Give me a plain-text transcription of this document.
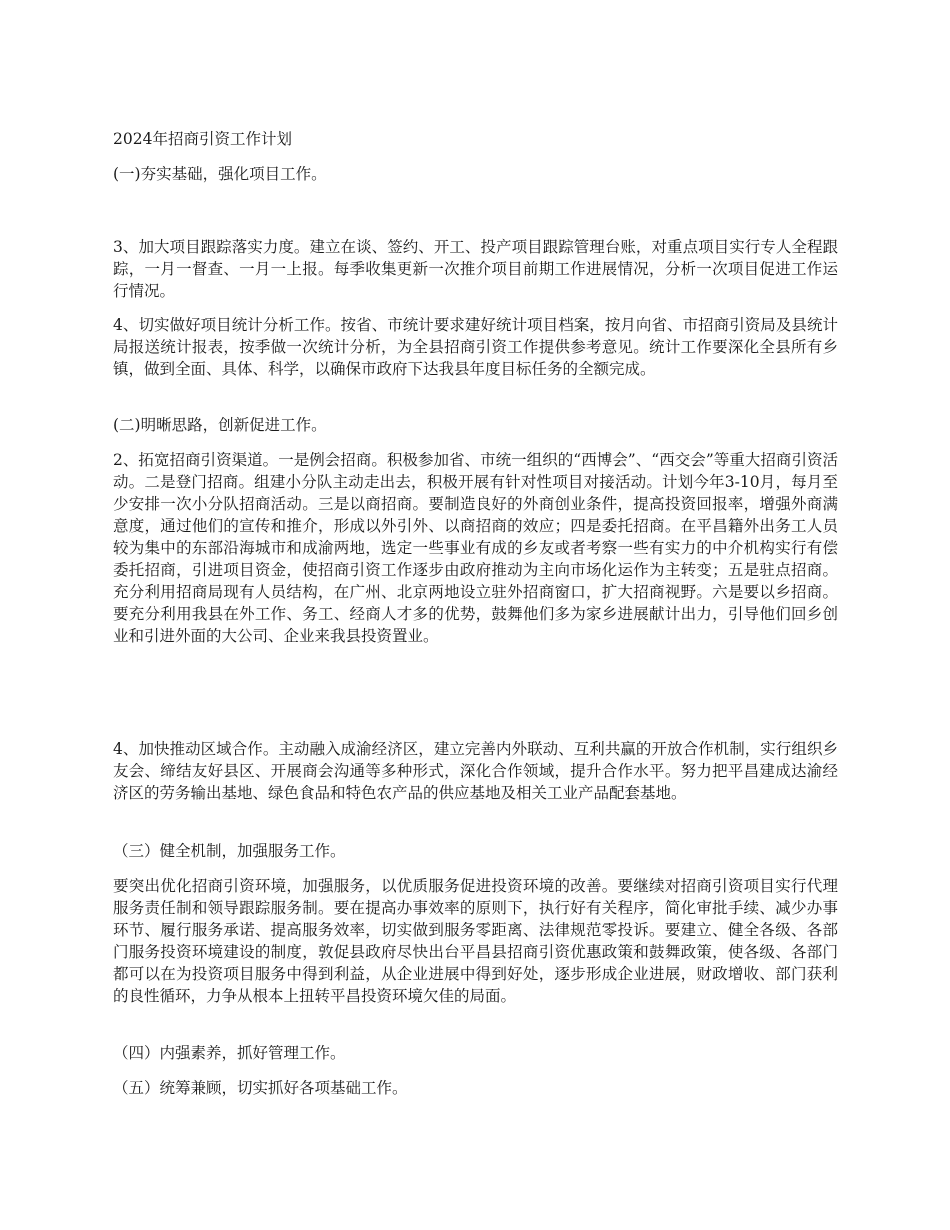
2024年招商引资工作计划

(一)夯实基础，强化项目工作。

3、加大项目跟踪落实力度。建立在谈、签约、开工、投产项目跟踪管理台账，对重点项目实行专人全程跟踪，一月一督查、一月一上报。每季收集更新一次推介项目前期工作进展情况，分析一次项目促进工作运行情况。

4、切实做好项目统计分析工作。按省、市统计要求建好统计项目档案，按月向省、市招商引资局及县统计局报送统计报表，按季做一次统计分析，为全县招商引资工作提供参考意见。统计工作要深化全县所有乡镇，做到全面、具体、科学，以确保市政府下达我县年度目标任务的全额完成。

(二)明晰思路，创新促进工作。

2、拓宽招商引资渠道。一是例会招商。积极参加省、市统一组织的“西博会”、“西交会”等重大招商引资活动。二是登门招商。组建小分队主动走出去，积极开展有针对性项目对接活动。计划今年3-10月，每月至少安排一次小分队招商活动。三是以商招商。要制造良好的外商创业条件，提高投资回报率，增强外商满意度，通过他们的宣传和推介，形成以外引外、以商招商的效应；四是委托招商。在平昌籍外出务工人员较为集中的东部沿海城市和成渝两地，选定一些事业有成的乡友或者考察一些有实力的中介机构实行有偿委托招商，引进项目资金，使招商引资工作逐步由政府推动为主向市场化运作为主转变；五是驻点招商。充分利用招商局现有人员结构，在广州、北京两地设立驻外招商窗口，扩大招商视野。六是要以乡招商。要充分利用我县在外工作、务工、经商人才多的优势，鼓舞他们多为家乡进展献计出力，引导他们回乡创业和引进外面的大公司、企业来我县投资置业。

4、加快推动区域合作。主动融入成渝经济区，建立完善内外联动、互利共赢的开放合作机制，实行组织乡友会、缔结友好县区、开展商会沟通等多种形式，深化合作领域，提升合作水平。努力把平昌建成达渝经济区的劳务输出基地、绿色食品和特色农产品的供应基地及相关工业产品配套基地。

（三）健全机制，加强服务工作。

要突出优化招商引资环境，加强服务，以优质服务促进投资环境的改善。要继续对招商引资项目实行代理服务责任制和领导跟踪服务制。要在提高办事效率的原则下，执行好有关程序，简化审批手续、减少办事环节、履行服务承诺、提高服务效率，切实做到服务零距离、法律规范零投诉。要建立、健全各级、各部门服务投资环境建设的制度，敦促县政府尽快出台平昌县招商引资优惠政策和鼓舞政策，使各级、各部门都可以在为投资项目服务中得到利益，从企业进展中得到好处，逐步形成企业进展，财政增收、部门获利的良性循环，力争从根本上扭转平昌投资环境欠佳的局面。

（四）内强素养，抓好管理工作。

（五）统筹兼顾，切实抓好各项基础工作。
